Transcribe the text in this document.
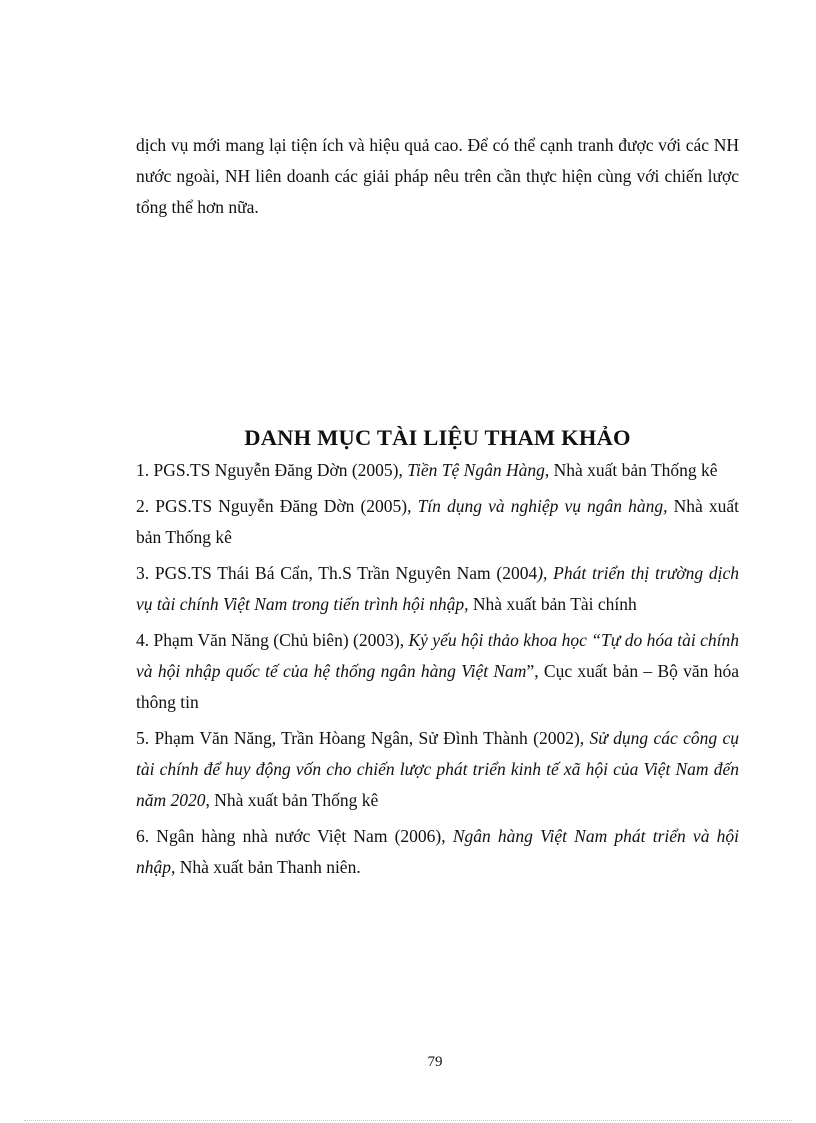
dịch vụ mới mang lại tiện ích và hiệu quả cao. Để có thể cạnh tranh được với các NH nước ngoài, NH liên doanh các giải pháp nêu trên cần thực hiện cùng với chiến lược tổng thể hơn nữa.

DANH MỤC TÀI LIỆU THAM KHẢO
1. PGS.TS Nguyễn Đăng Dờn (2005), Tiền Tệ Ngân Hàng, Nhà xuất bản Thống kê
2. PGS.TS Nguyễn Đăng Dờn (2005), Tín dụng và nghiệp vụ ngân hàng, Nhà xuất bản Thống kê
3. PGS.TS Thái Bá Cẩn, Th.S Trần Nguyên Nam (2004), Phát triển thị trường dịch vụ tài chính Việt Nam trong tiến trình hội nhập, Nhà xuất bản Tài chính
4. Phạm Văn Năng (Chủ biên) (2003), Kỷ yếu hội thảo khoa học “Tự do hóa tài chính và hội nhập quốc tế của hệ thống ngân hàng Việt Nam”, Cục xuất bản – Bộ văn hóa thông tin
5. Phạm Văn Năng, Trần Hòang Ngân, Sử Đình Thành (2002), Sử dụng các công cụ tài chính để huy động vốn cho chiến lược phát triển kinh tế xã hội của Việt Nam đến năm 2020, Nhà xuất bản Thống kê
6. Ngân hàng nhà nước Việt Nam (2006), Ngân hàng Việt Nam phát triển và hội nhập, Nhà xuất bản Thanh niên.

79
